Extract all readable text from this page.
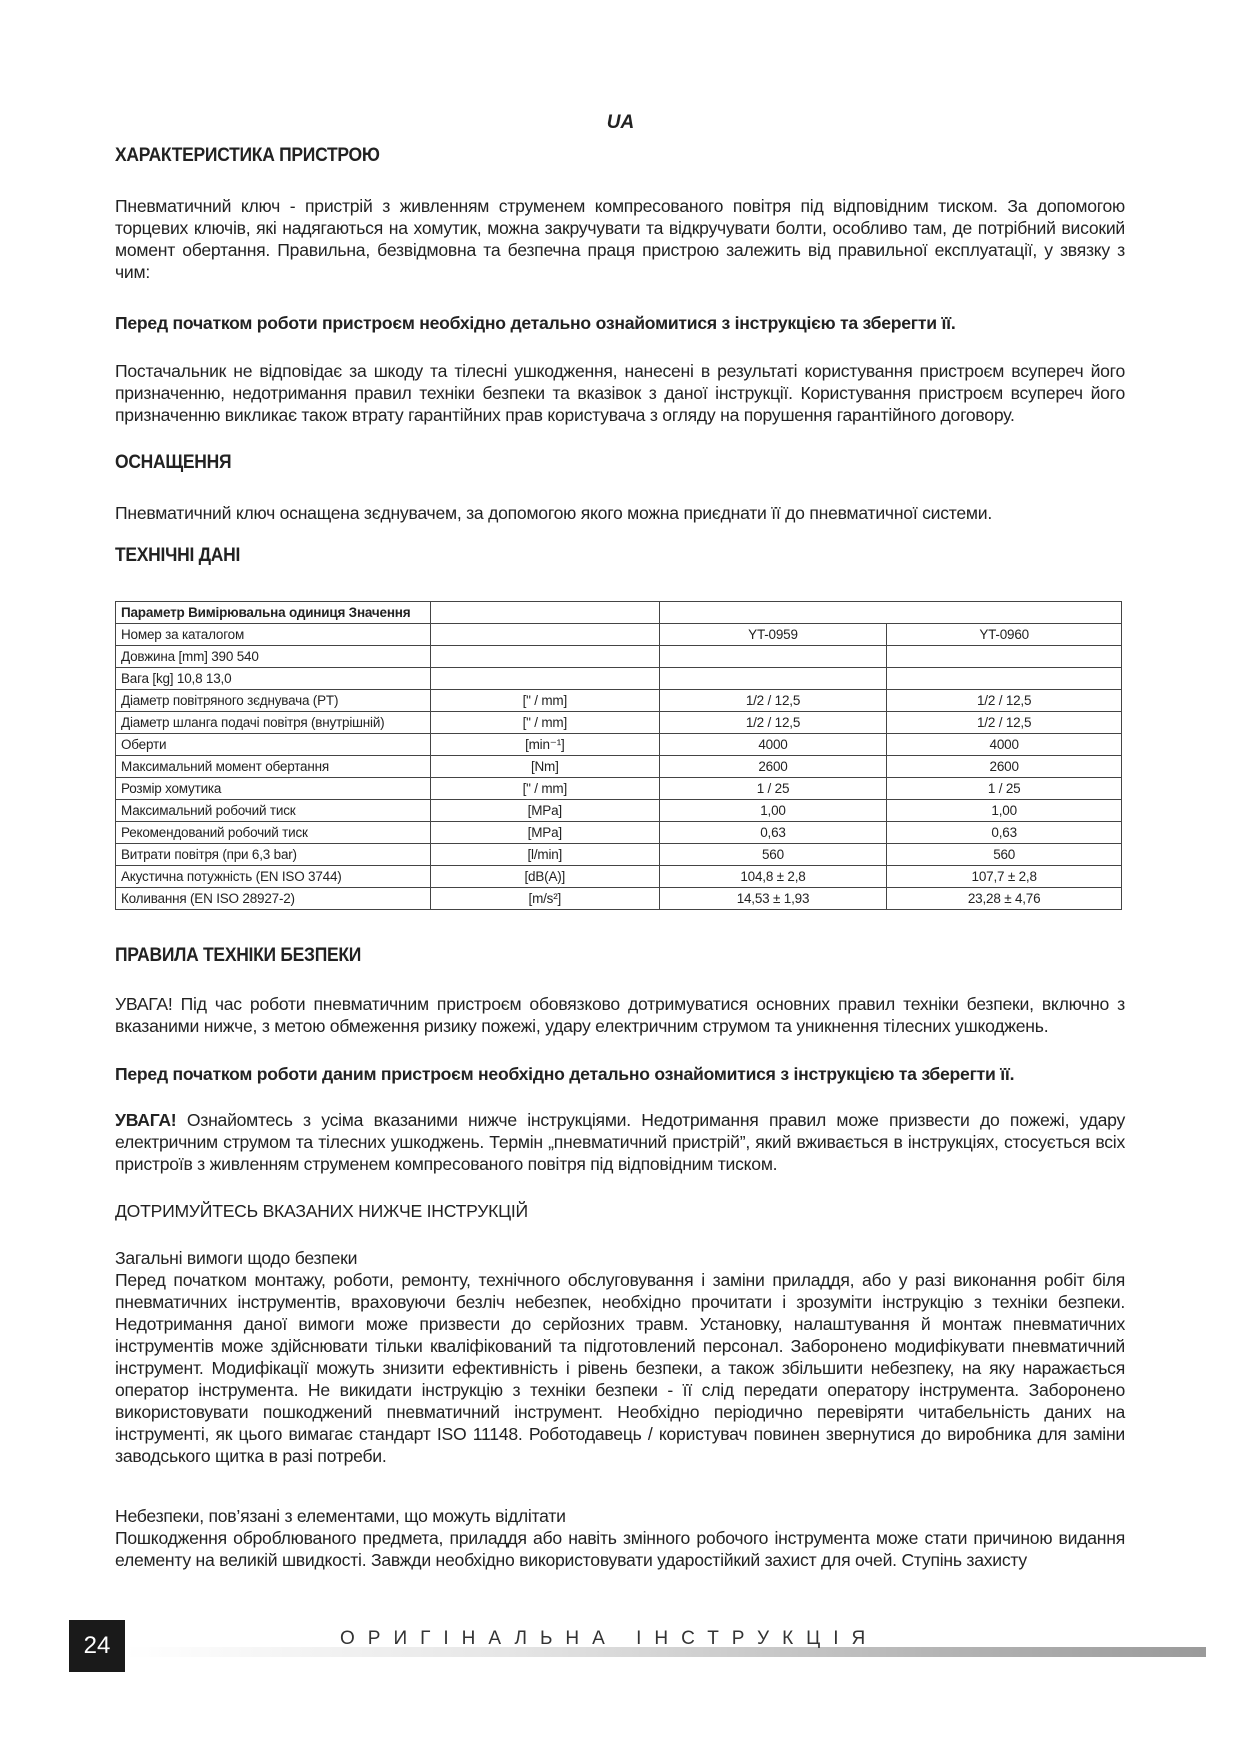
UA
ХАРАКТЕРИСТИКА ПРИСТРОЮ

Пневматичний ключ - пристрій з живленням струменем компресованого повітря під відповідним тиском. За допомогою торцевих ключів, які надягаються на хомутик, можна закручувати та відкручувати болти, особливо там, де потрібний високий момент обертання. Правильна, безвідмовна та безпечна праця пристрою залежить від правильної експлуатації, у звязку з чим:

Перед початком роботи пристроєм необхідно детально ознайомитися з інструкцією та зберегти її.

Постачальник не відповідає за шкоду та тілесні ушкодження, нанесені в результаті користування пристроєм всупереч його призначенню, недотримання правил техніки безпеки та вказівок з даної інструкції. Користування пристроєм всупереч його призначенню викликає також втрату гарантійних прав користувача з огляду на порушення гарантійного договору.

ОСНАЩЕННЯ

Пневматичний ключ оснащена зєднувачем, за допомогою якого можна приєднати її до пневматичної системи.

ТЕХНІЧНІ ДАНІ
Параметр Вимірювальна одиниця Значення			
Номер за каталогом		YT-0959	YT-0960
Довжина [mm] 390 540			
Вага [kg] 10,8 13,0			
Діаметр повітряного зєднувача (PT)	[" / mm]	1/2 / 12,5	1/2 / 12,5
Діаметр шланга подачі повітря (внутрішній)	[" / mm]	1/2 / 12,5	1/2 / 12,5
Оберти	[min⁻¹]	4000	4000
Максимальний момент обертання	[Nm]	2600	2600
Розмір хомутика	[" / mm]	1 / 25	1 / 25
Максимальний робочий тиск	[MPa]	1,00	1,00
Рекомендований робочий тиск	[MPa]	0,63	0,63
Витрати повітря (при 6,3 bar)	[l/min]	560	560
Акустична потужність (EN ISO 3744)	[dB(A)]	104,8 ± 2,8	107,7 ± 2,8
Коливання (EN ISO 28927-2)	[m/s²]	14,53 ± 1,93	23,28 ± 4,76
ПРАВИЛА ТЕХНІКИ БЕЗПЕКИ

УВАГА! Під час роботи пневматичним пристроєм обовязково дотримуватися основних правил техніки безпеки, включно з вказаними нижче, з метою обмеження ризику пожежі, удару електричним струмом та уникнення тілесних ушкоджень.

Перед початком роботи даним пристроєм необхідно детально ознайомитися з інструкцією та зберегти її.

УВАГА! Ознайомтесь з усіма вказаними нижче інструкціями. Недотримання правил може призвести до пожежі, удару електричним струмом та тілесних ушкоджень. Термін „пневматичний пристрій”, який вживається в інструкціях, стосується всіх пристроїв з живленням струменем компресованого повітря під відповідним тиском.

ДОТРИМУЙТЕСЬ ВКАЗАНИХ НИЖЧЕ ІНСТРУКЦІЙ

Загальні вимоги щодо безпеки

Перед початком монтажу, роботи, ремонту, технічного обслуговування і заміни приладдя, або у разі виконання робіт біля пневматичних інструментів, враховуючи безліч небезпек, необхідно прочитати і зрозуміти інструкцію з техніки безпеки. Недотримання даної вимоги може призвести до серйозних травм. Установку, налаштування й монтаж пневматичних інструментів може здійснювати тільки кваліфікований та підготовлений персонал. Заборонено модифікувати пневматичний інструмент. Модифікації можуть знизити ефективність і рівень безпеки, а також збільшити небезпеку, на яку наражається оператор інструмента. Не викидати інструкцію з техніки безпеки - її слід передати оператору інструмента. Заборонено використовувати пошкоджений пневматичний інструмент. Необхідно періодично перевіряти читабельність даних на інструменті, як цього вимагає стандарт ISO 11148. Роботодавець / користувач повинен звернутися до виробника для заміни заводського щитка в разі потреби.

Небезпеки, пов’язані з елементами, що можуть відлітати

Пошкодження оброблюваного предмета, приладдя або навіть змінного робочого інструмента може стати причиною видання елементу на великій швидкості. Завжди необхідно використовувати ударостійкий захист для очей. Ступінь захисту

24	ОРИГІНАЛЬНА ІНСТРУКЦІЯ
